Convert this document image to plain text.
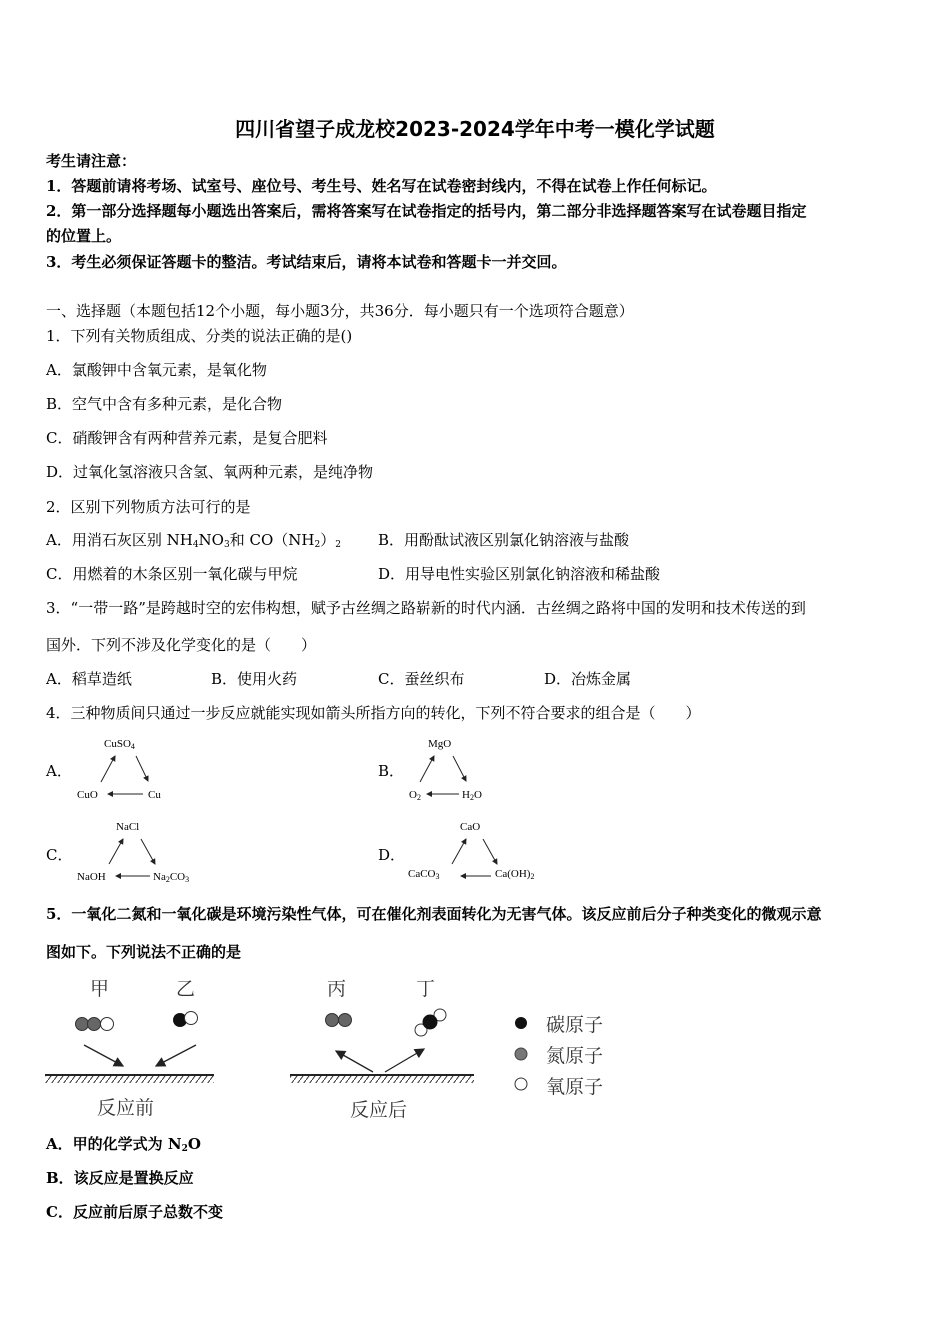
四川省望子成龙校2023-2024学年中考一模化学试题
考生请注意：
1．答题前请将考场、试室号、座位号、考生号、姓名写在试卷密封线内，不得在试卷上作任何标记。
2．第一部分选择题每小题选出答案后，需将答案写在试卷指定的括号内，第二部分非选择题答案写在试卷题目指定
的位置上。
3．考生必须保证答题卡的整洁。考试结束后，请将本试卷和答题卡一并交回。
一、选择题（本题包括12个小题，每小题3分，共36分．每小题只有一个选项符合题意）
1．下列有关物质组成、分类的说法正确的是()
A．氯酸钾中含氧元素，是氧化物
B．空气中含有多种元素，是化合物
C．硝酸钾含有两种营养元素，是复合肥料
D．过氧化氢溶液只含氢、氧两种元素，是纯净物
2．区别下列物质方法可行的是
A．用消石灰区别 $NH_4NO_3$和 $CO(NH_2)_2$ B．用酚酞试液区别氯化钠溶液与盐酸
C．用燃着的木条区别一氧化碳与甲烷	D．用导电性实验区别氯化钠溶液和稀盐酸
3．“一带一路”是跨越时空的宏伟构想，赋予古丝绸之路崭新的时代内涵．古丝绸之路将中国的发明和技术传送的到
国外．下列不涉及化学变化的是（　　）
A．稻草造纸	B．使用火药	C．蚕丝织布	D．冶炼金属
4．三种物质间只通过一步反应就能实现如箭头所指方向的转化，下列不符合要求的组合是（　　）
A．	B．
C．	D．
CuSO4
CuO	Cu
MgO
O2	H2O
NaCl
NaOH	Na2CO3
CaO
CaCO3	Ca(OH)2
5．一氧化二氮和一氧化碳是环境污染性气体，可在催化剂表面转化为无害气体。该反应前后分子种类变化的微观示意
图如下。下列说法不正确的是
甲	乙	丙	丁
反应前	反应后
碳原子
氮原子
氧原子
A．甲的化学式为 $N_2O$
B．该反应是置换反应
C．反应前后原子总数不变
